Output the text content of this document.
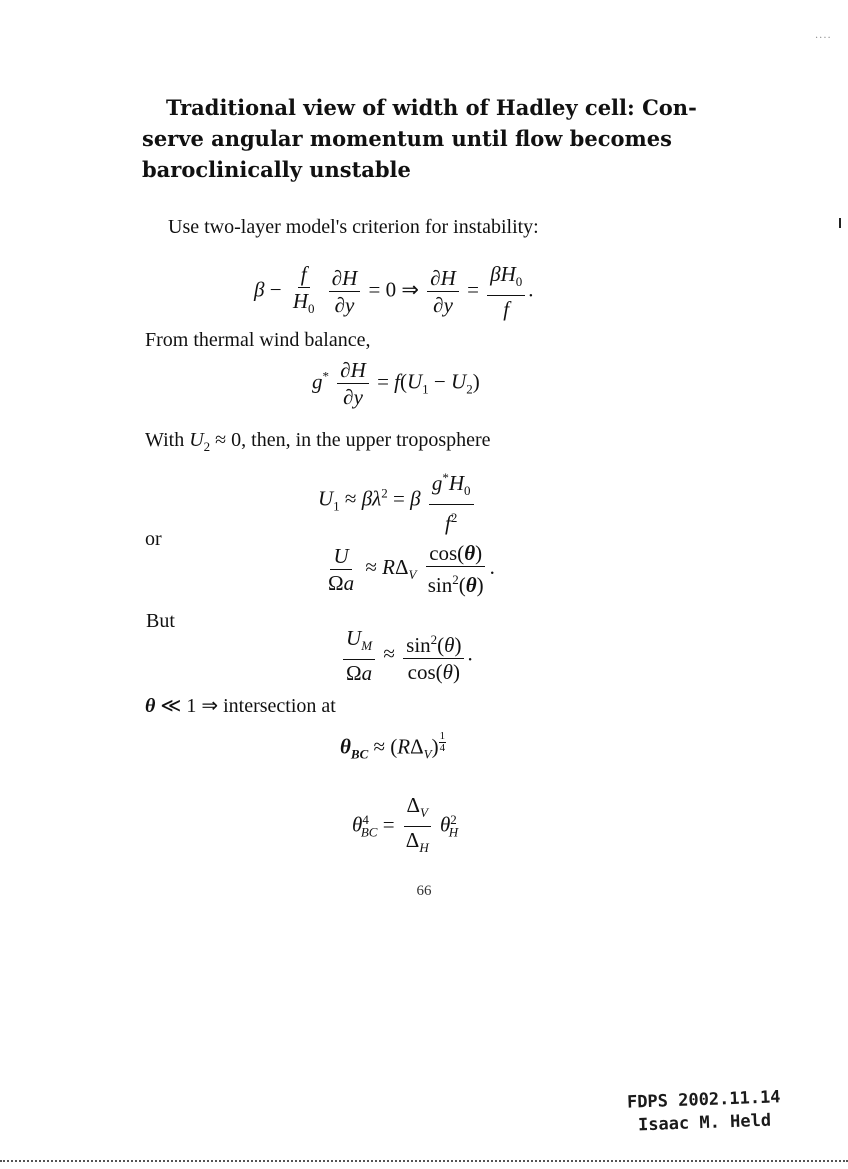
....
Traditional view of width of Hadley cell: Con-
serve angular momentum until flow becomes
baroclinically unstable
Use two-layer model's criterion for instability:
$\beta - \frac{f}{H_0}$
$\frac{\partial H}{\partial y} = 0$ ⇒ $\frac{\partial H}{\partial y} = \frac{\beta H_0}{f}$ .
From thermal wind balance,
$g^* \frac{\partial H}{\partial y} = f(U_1 - U_2)$
With $U_2 \approx 0$, then, in the upper troposphere
$U_1 \approx \beta\lambda^2 = \beta \frac{g^*H_0}{f^2}$
or
$\frac{U}{\Omega a} \approx R\Delta_V \frac{\cos(\theta)}{\sin^2(\theta)}$ .
But
$\frac{U_M}{\Omega a} \approx \frac{\sin^2(\theta)}{\cos(\theta)}$ .
θ ≪ 1 ⇒ intersection at
$\theta_{BC} \approx (R\Delta_V)$ $^{\frac{1}{4}}$
$\theta^4_{BC} = \frac{\Delta_V}{\Delta_H} \theta^2_H$
66
FDPS 2002.11.14
Isaac M. Held
